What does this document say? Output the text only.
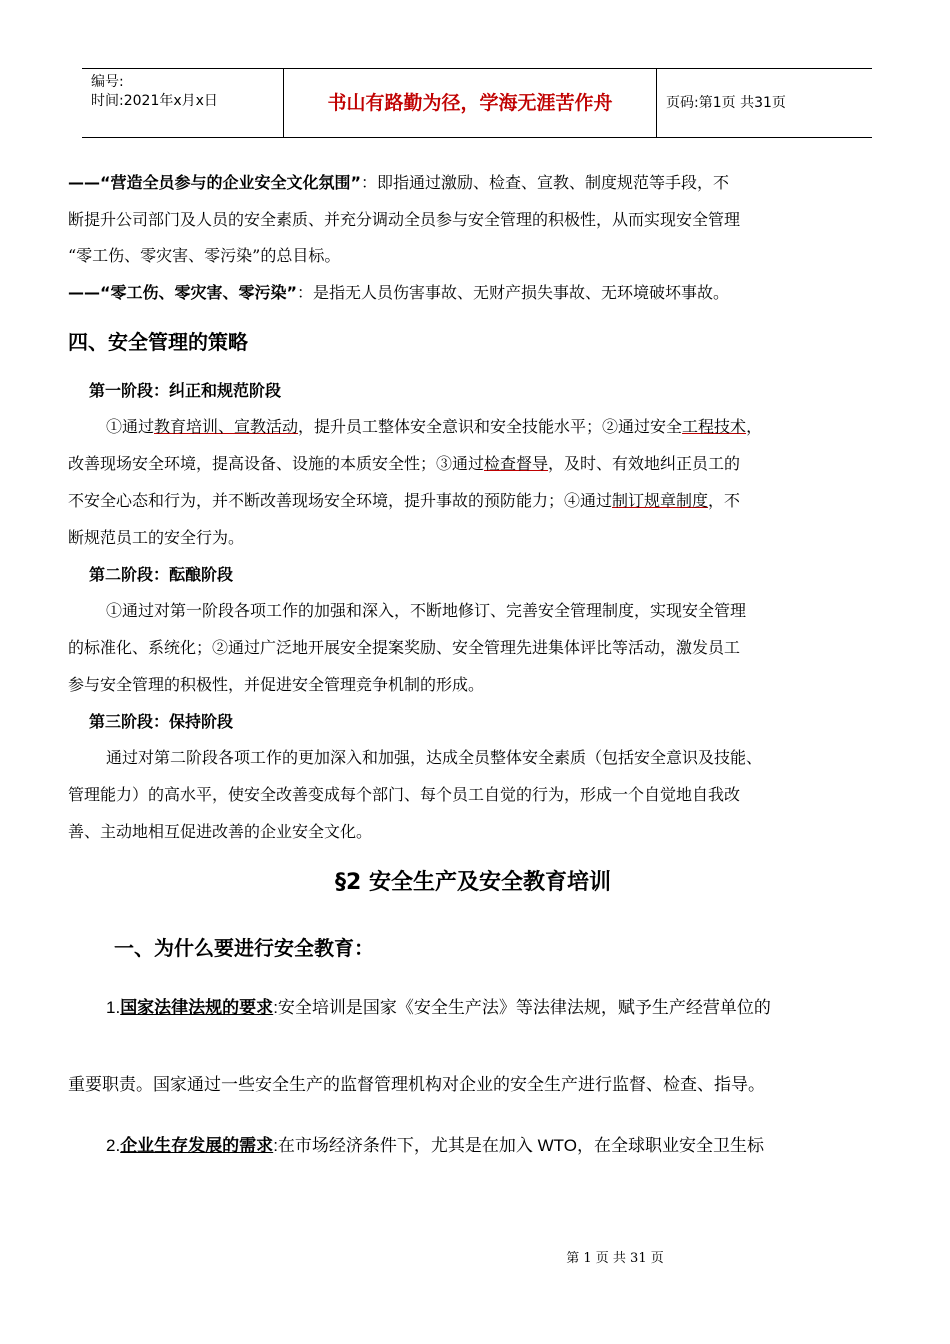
编号:
时间:2021年x月x日	书山有路勤为径，学海无涯苦作舟	页码:第1页 共31页
——“营造全员参与的企业安全文化氛围”：即指通过激励、检查、宣教、制度规范等手段，不
断提升公司部门及人员的安全素质、并充分调动全员参与安全管理的积极性，从而实现安全管理
“零工伤、零灾害、零污染”的总目标。
——“零工伤、零灾害、零污染”：是指无人员伤害事故、无财产损失事故、无环境破坏事故。
四、安全管理的策略
第一阶段：纠正和规范阶段
①通过教育培训、宣教活动，提升员工整体安全意识和安全技能水平；②通过安全工程技术，
改善现场安全环境，提高设备、设施的本质安全性；③通过检查督导，及时、有效地纠正员工的
不安全心态和行为，并不断改善现场安全环境，提升事故的预防能力；④通过制订规章制度，不
断规范员工的安全行为。
第二阶段：酝酿阶段
①通过对第一阶段各项工作的加强和深入，不断地修订、完善安全管理制度，实现安全管理
的标准化、系统化；②通过广泛地开展安全提案奖励、安全管理先进集体评比等活动，激发员工
参与安全管理的积极性，并促进安全管理竞争机制的形成。
第三阶段：保持阶段
通过对第二阶段各项工作的更加深入和加强，达成全员整体安全素质（包括安全意识及技能、
管理能力）的高水平，使安全改善变成每个部门、每个员工自觉的行为，形成一个自觉地自我改
善、主动地相互促进改善的企业安全文化。
§2 安全生产及安全教育培训
一、为什么要进行安全教育：
1.国家法律法规的要求:安全培训是国家《安全生产法》等法律法规，赋予生产经营单位的
重要职责。国家通过一些安全生产的监督管理机构对企业的安全生产进行监督、检查、指导。
2.企业生存发展的需求:在市场经济条件下，尤其是在加入 WTO，在全球职业安全卫生标
第 1 页 共 31 页
